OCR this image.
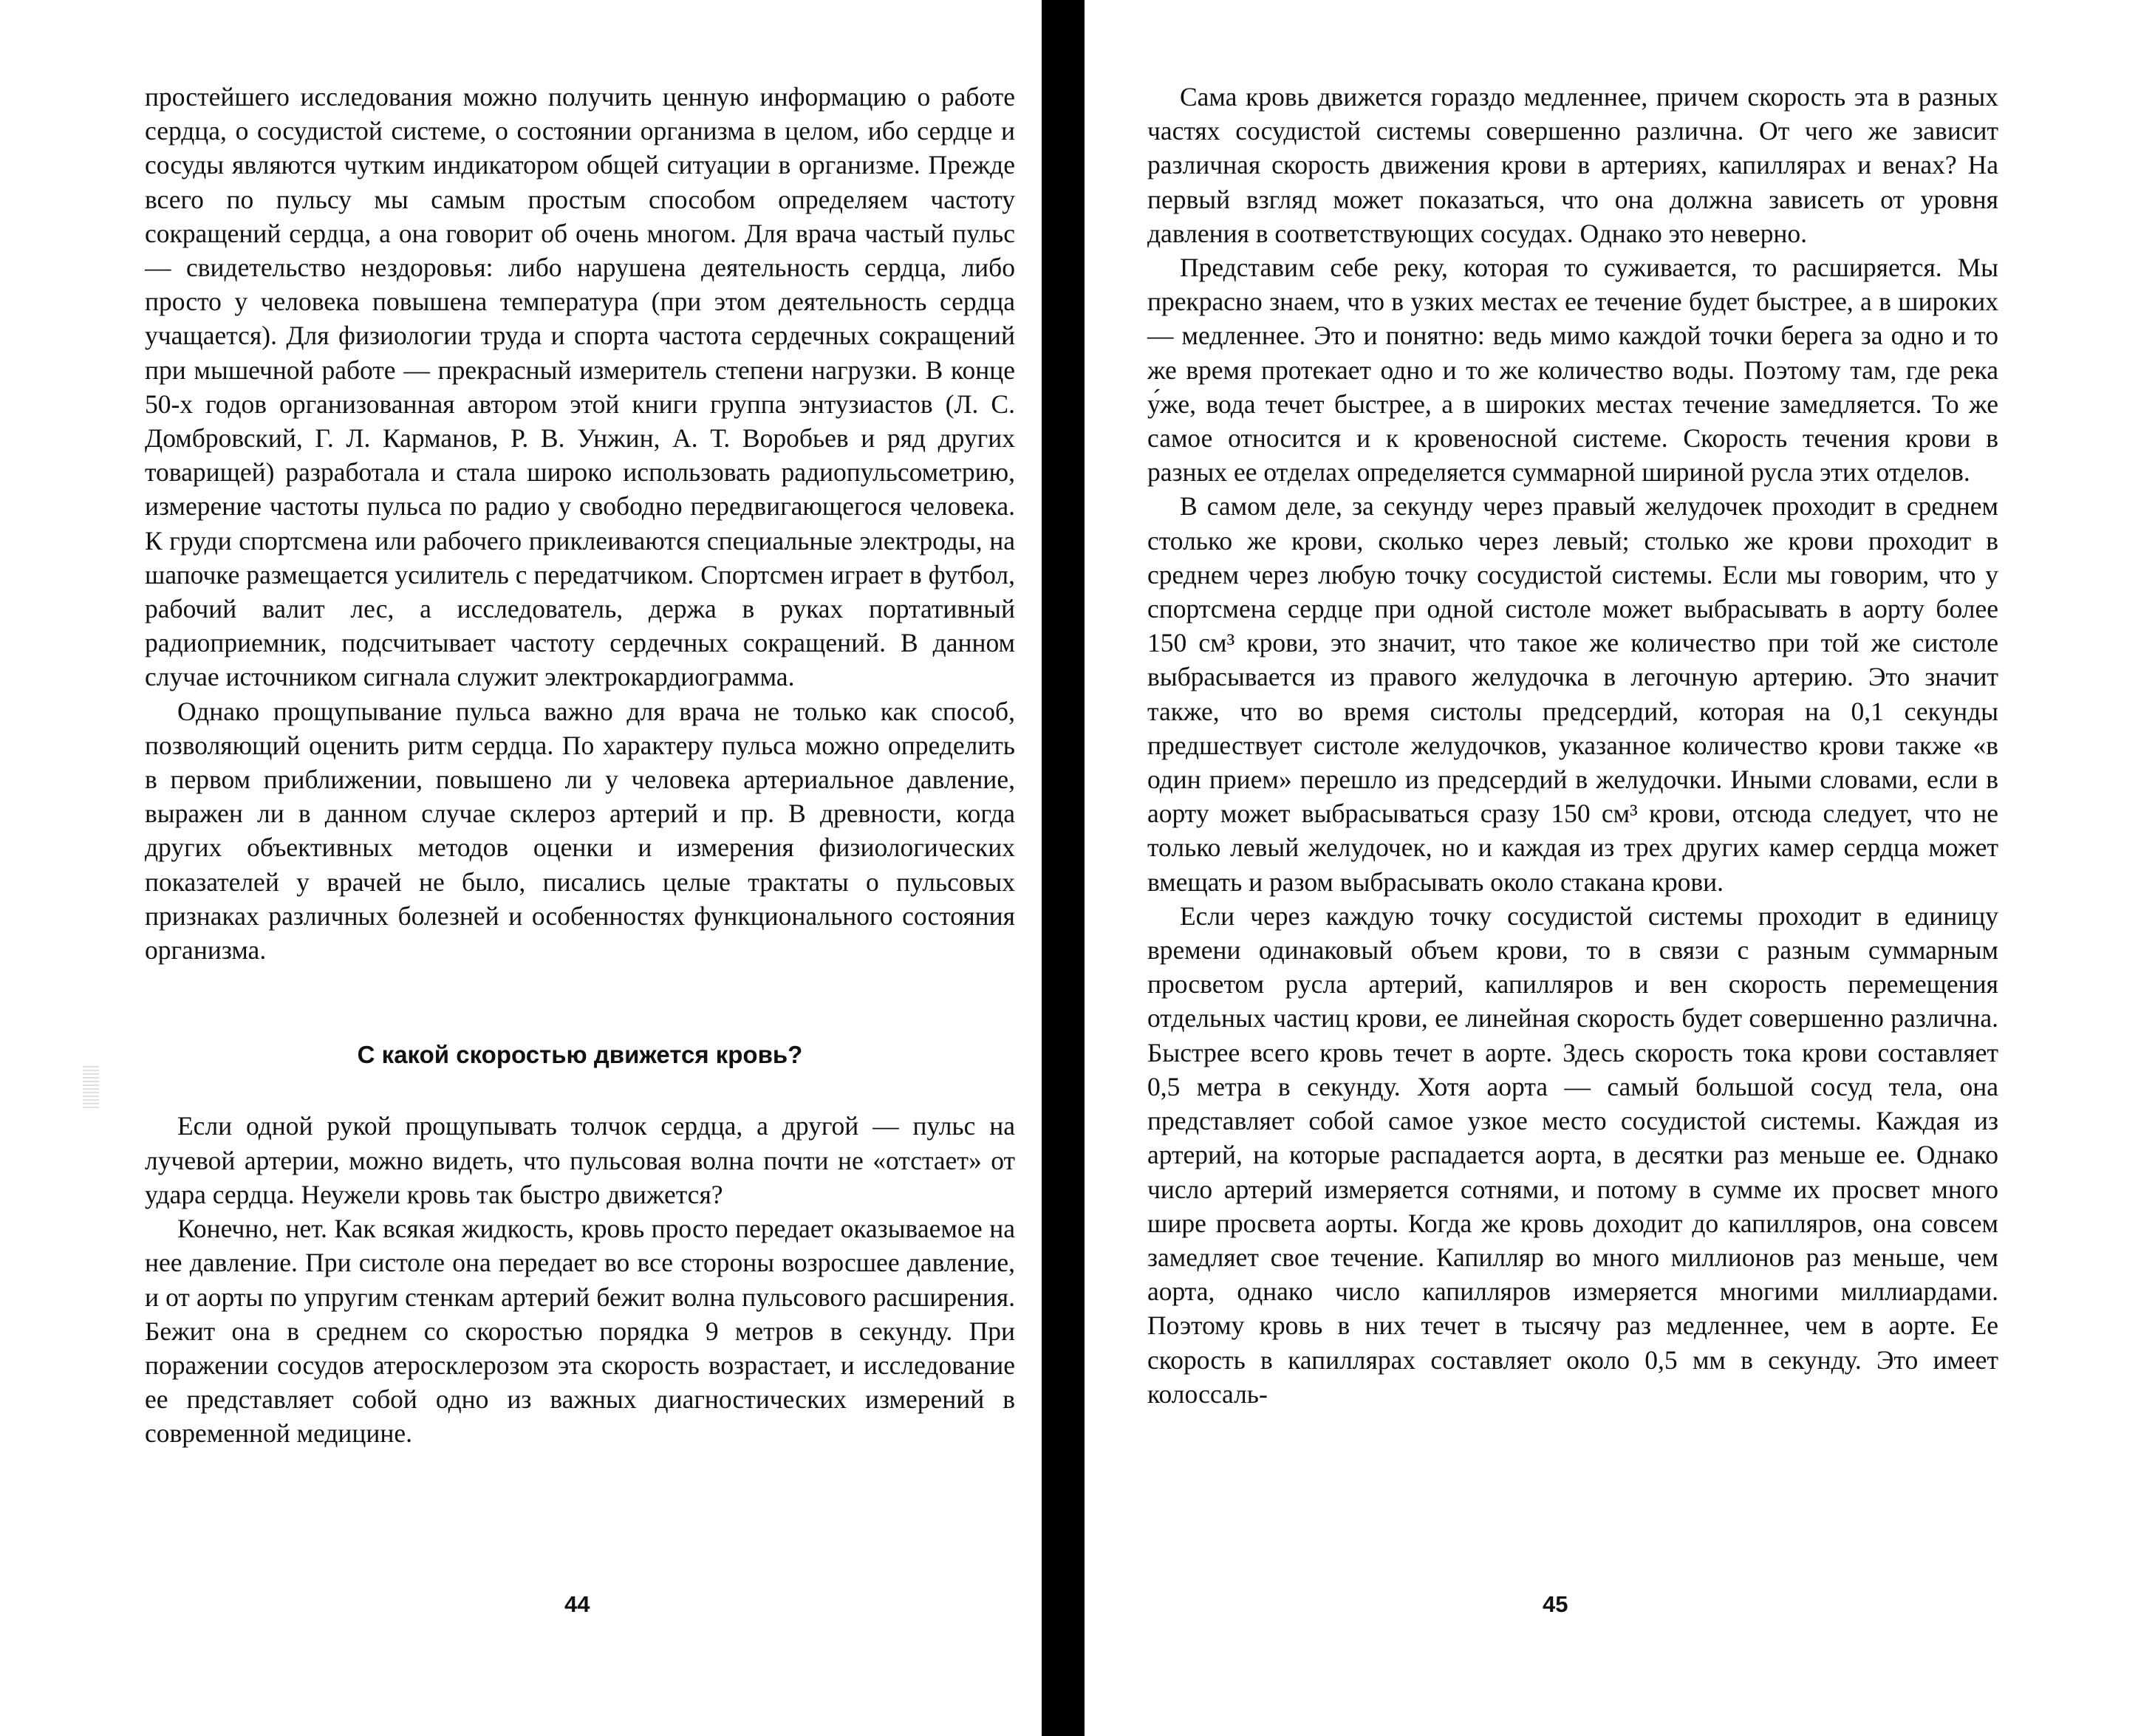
простейшего исследования можно получить ценную информацию о работе сердца, о сосудистой системе, о состоянии организма в целом, ибо сердце и сосуды являются чутким индикатором общей ситуации в организме. Прежде всего по пульсу мы самым простым способом определяем частоту сокращений сердца, а она говорит об очень многом. Для врача частый пульс — свидетельство нездоровья: либо нарушена деятельность сердца, либо просто у человека повышена температура (при этом деятельность сердца учащается). Для физиологии труда и спорта частота сердечных сокращений при мышечной работе — прекрасный измеритель степени нагрузки. В конце 50-х годов организованная автором этой книги группа энтузиастов (Л. С. Домбровский, Г. Л. Карманов, Р. В. Унжин, А. Т. Воробьев и ряд других товарищей) разработала и стала широко использовать радиопульсометрию, измерение частоты пульса по радио у свободно передвигающегося человека. К груди спортсмена или рабочего приклеиваются специальные электроды, на шапочке размещается усилитель с передатчиком. Спортсмен играет в футбол, рабочий валит лес, а исследователь, держа в руках портативный радиоприемник, подсчитывает частоту сердечных сокращений. В данном случае источником сигнала служит электрокардиограмма.

Однако прощупывание пульса важно для врача не только как способ, позволяющий оценить ритм сердца. По характеру пульса можно определить в первом приближении, повышено ли у человека артериальное давление, выражен ли в данном случае склероз артерий и пр. В древности, когда других объективных методов оценки и измерения физиологических показателей у врачей не было, писались целые трактаты о пульсовых признаках различных болезней и особенностях функционального состояния организма.

С какой скоростью движется кровь?

Если одной рукой прощупывать толчок сердца, а другой — пульс на лучевой артерии, можно видеть, что пульсовая волна почти не «отстает» от удара сердца. Неужели кровь так быстро движется?

Конечно, нет. Как всякая жидкость, кровь просто передает оказываемое на нее давление. При систоле она передает во все стороны возросшее давление, и от аорты по упругим стенкам артерий бежит волна пульсового расширения. Бежит она в среднем со скоростью порядка 9 метров в секунду. При поражении сосудов атеросклерозом эта скорость возрастает, и исследование ее представляет собой одно из важных диагностических измерений в современной медицине.

44

Сама кровь движется гораздо медленнее, причем скорость эта в разных частях сосудистой системы совершенно различна. От чего же зависит различная скорость движения крови в артериях, капиллярах и венах? На первый взгляд может показаться, что она должна зависеть от уровня давления в соответствующих сосудах. Однако это неверно.

Представим себе реку, которая то суживается, то расширяется. Мы прекрасно знаем, что в узких местах ее течение будет быстрее, а в широких — медленнее. Это и понятно: ведь мимо каждой точки берега за одно и то же время протекает одно и то же количество воды. Поэтому там, где река у́же, вода течет быстрее, а в широких местах течение замедляется. То же самое относится и к кровеносной системе. Скорость течения крови в разных ее отделах определяется суммарной шириной русла этих отделов.

В самом деле, за секунду через правый желудочек проходит в среднем столько же крови, сколько через левый; столько же крови проходит в среднем через любую точку сосудистой системы. Если мы говорим, что у спортсмена сердце при одной систоле может выбрасывать в аорту более 150 см³ крови, это значит, что такое же количество при той же систоле выбрасывается из правого желудочка в легочную артерию. Это значит также, что во время систолы предсердий, которая на 0,1 секунды предшествует систоле желудочков, указанное количество крови также «в один прием» перешло из предсердий в желудочки. Иными словами, если в аорту может выбрасываться сразу 150 см³ крови, отсюда следует, что не только левый желудочек, но и каждая из трех других камер сердца может вмещать и разом выбрасывать около стакана крови.

Если через каждую точку сосудистой системы проходит в единицу времени одинаковый объем крови, то в связи с разным суммарным просветом русла артерий, капилляров и вен скорость перемещения отдельных частиц крови, ее линейная скорость будет совершенно различна. Быстрее всего кровь течет в аорте. Здесь скорость тока крови составляет 0,5 метра в секунду. Хотя аорта — самый большой сосуд тела, она представляет собой самое узкое место сосудистой системы. Каждая из артерий, на которые распадается аорта, в десятки раз меньше ее. Однако число артерий измеряется сотнями, и потому в сумме их просвет много шире просвета аорты. Когда же кровь доходит до капилляров, она совсем замедляет свое течение. Капилляр во много миллионов раз меньше, чем аорта, однако число капилляров измеряется многими миллиардами. Поэтому кровь в них течет в тысячу раз медленнее, чем в аорте. Ее скорость в капиллярах составляет около 0,5 мм в секунду. Это имеет колоссаль-

45
